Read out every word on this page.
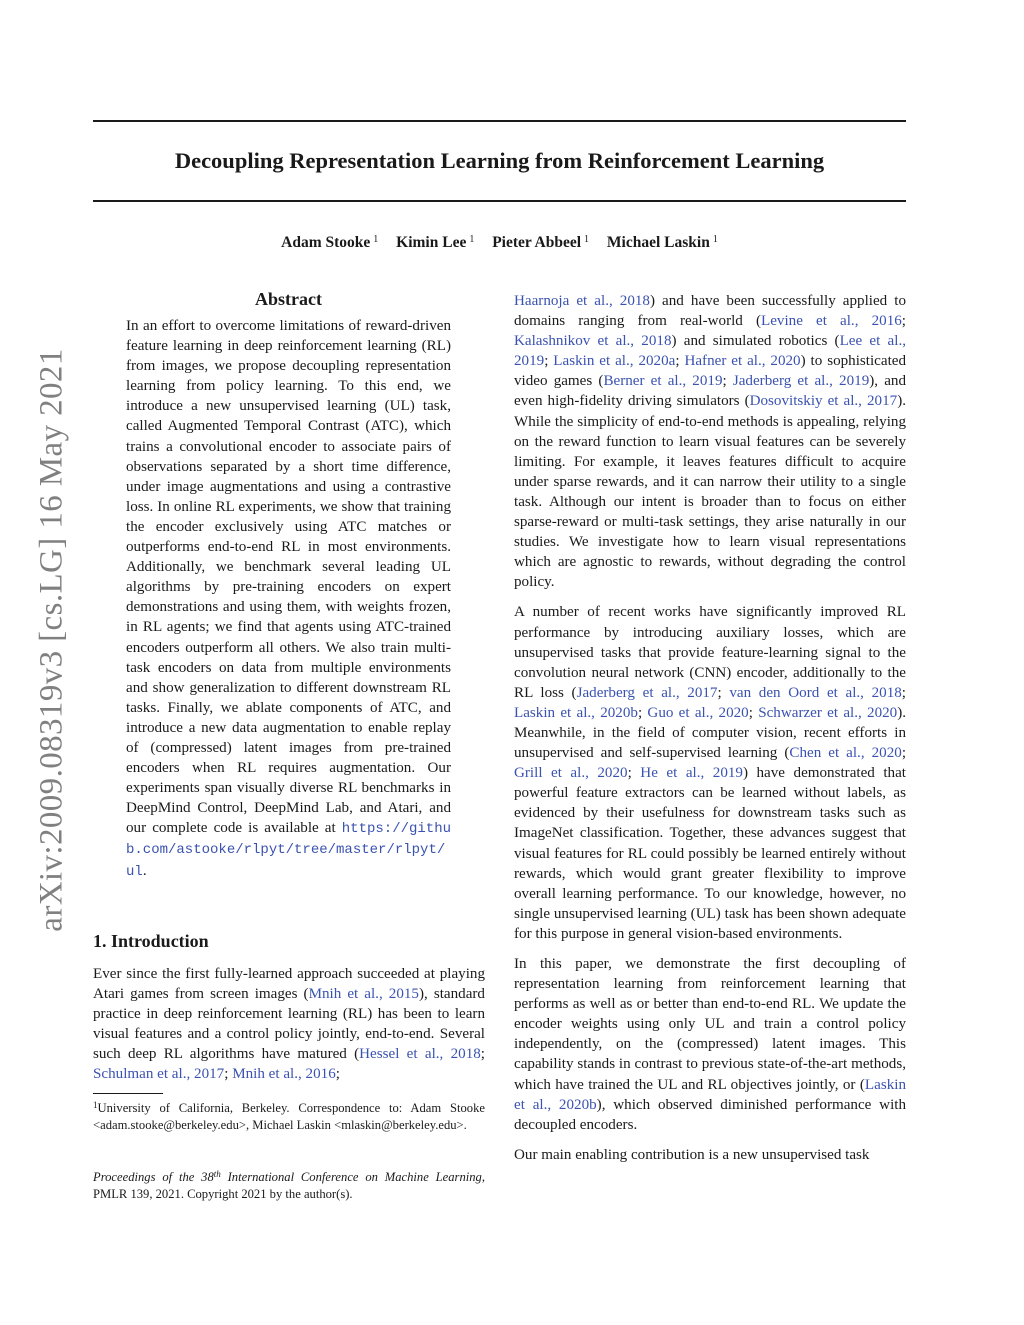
Decoupling Representation Learning from Reinforcement Learning
Adam Stooke $^1$ Kimin Lee $^1$ Pieter Abbeel $^1$ Michael Laskin $^1$
arXiv:2009.08319v3 [cs.LG] 16 May 2021
Abstract
In an effort to overcome limitations of reward-driven feature learning in deep reinforcement learning (RL) from images, we propose decoupling representation learning from policy learning. To this end, we introduce a new unsupervised learning (UL) task, called Augmented Temporal Contrast (ATC), which trains a convolutional encoder to associate pairs of observations separated by a short time difference, under image augmentations and using a contrastive loss. In online RL experiments, we show that training the encoder exclusively using ATC matches or outperforms end-to-end RL in most environments. Additionally, we benchmark several leading UL algorithms by pre-training encoders on expert demonstrations and using them, with weights frozen, in RL agents; we find that agents using ATC-trained encoders outperform all others. We also train multi-task encoders on data from multiple environments and show generalization to different downstream RL tasks. Finally, we ablate components of ATC, and introduce a new data augmentation to enable replay of (compressed) latent images from pre-trained encoders when RL requires augmentation. Our experiments span visually diverse RL benchmarks in DeepMind Control, DeepMind Lab, and Atari, and our complete code is available at https://github.com/astooke/rlpyt/tree/master/rlpyt/ul.
1. Introduction
Ever since the first fully-learned approach succeeded at playing Atari games from screen images (Mnih et al., 2015), standard practice in deep reinforcement learning (RL) has been to learn visual features and a control policy jointly, end-to-end. Several such deep RL algorithms have matured (Hessel et al., 2018; Schulman et al., 2017; Mnih et al., 2016;
$^1$University of California, Berkeley. Correspondence to: Adam Stooke <adam.stooke@berkeley.edu>, Michael Laskin <mlaskin@berkeley.edu>.
Proceedings of the 38th International Conference on Machine Learning, PMLR 139, 2021. Copyright 2021 by the author(s).

Haarnoja et al., 2018) and have been successfully applied to domains ranging from real-world (Levine et al., 2016; Kalashnikov et al., 2018) and simulated robotics (Lee et al., 2019; Laskin et al., 2020a; Hafner et al., 2020) to sophisticated video games (Berner et al., 2019; Jaderberg et al., 2019), and even high-fidelity driving simulators (Dosovitskiy et al., 2017). While the simplicity of end-to-end methods is appealing, relying on the reward function to learn visual features can be severely limiting. For example, it leaves features difficult to acquire under sparse rewards, and it can narrow their utility to a single task. Although our intent is broader than to focus on either sparse-reward or multi-task settings, they arise naturally in our studies. We investigate how to learn visual representations which are agnostic to rewards, without degrading the control policy.

A number of recent works have significantly improved RL performance by introducing auxiliary losses, which are unsupervised tasks that provide feature-learning signal to the convolution neural network (CNN) encoder, additionally to the RL loss (Jaderberg et al., 2017; van den Oord et al., 2018; Laskin et al., 2020b; Guo et al., 2020; Schwarzer et al., 2020). Meanwhile, in the field of computer vision, recent efforts in unsupervised and self-supervised learning (Chen et al., 2020; Grill et al., 2020; He et al., 2019) have demonstrated that powerful feature extractors can be learned without labels, as evidenced by their usefulness for downstream tasks such as ImageNet classification. Together, these advances suggest that visual features for RL could possibly be learned entirely without rewards, which would grant greater flexibility to improve overall learning performance. To our knowledge, however, no single unsupervised learning (UL) task has been shown adequate for this purpose in general vision-based environments.

In this paper, we demonstrate the first decoupling of representation learning from reinforcement learning that performs as well as or better than end-to-end RL. We update the encoder weights using only UL and train a control policy independently, on the (compressed) latent images. This capability stands in contrast to previous state-of-the-art methods, which have trained the UL and RL objectives jointly, or (Laskin et al., 2020b), which observed diminished performance with decoupled encoders.

Our main enabling contribution is a new unsupervised task
